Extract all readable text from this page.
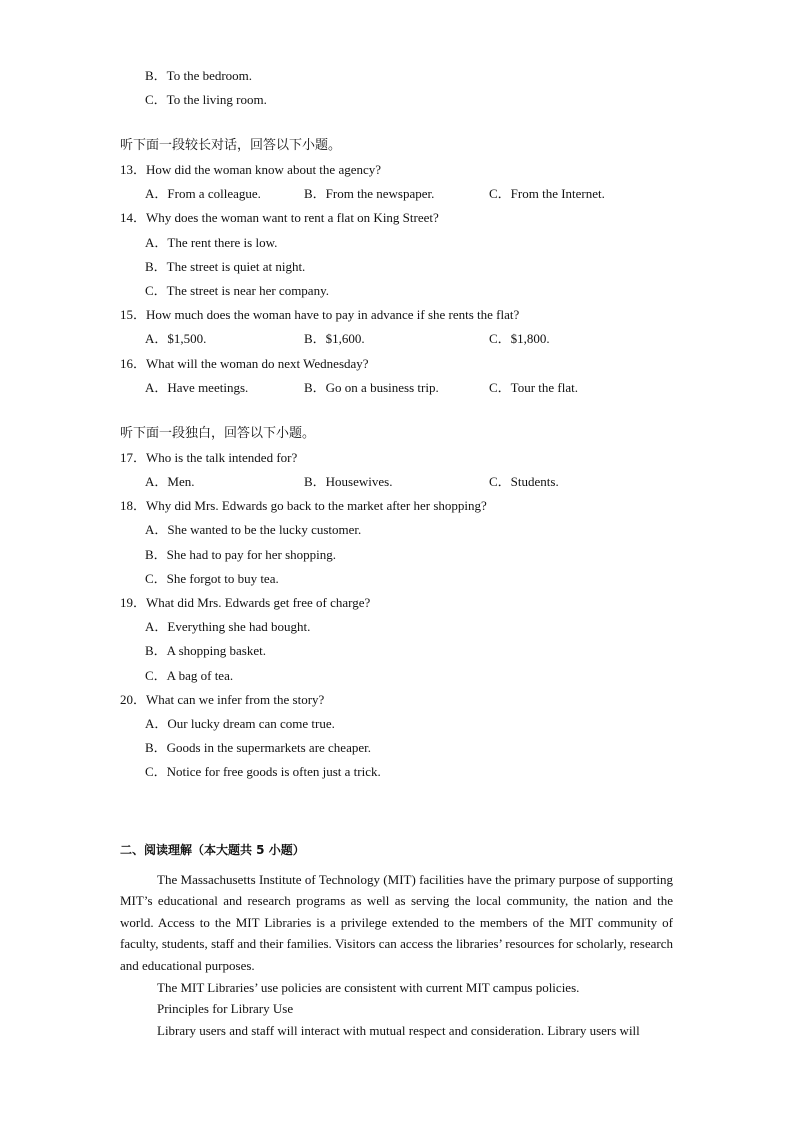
B．To the bedroom.
C．To the living room.
听下面一段较长对话，回答以下小题。
13．How did the woman know about the agency?
A．From a colleague.	B．From the newspaper.	C．From the Internet.
14．Why does the woman want to rent a flat on King Street?
A．The rent there is low.
B．The street is quiet at night.
C．The street is near her company.
15．How much does the woman have to pay in advance if she rents the flat?
A．$1,500.	B．$1,600.	C．$1,800.
16．What will the woman do next Wednesday?
A．Have meetings.	B．Go on a business trip.	C．Tour the flat.
听下面一段独白，回答以下小题。
17．Who is the talk intended for?
A．Men.	B．Housewives.	C．Students.
18．Why did Mrs. Edwards go back to the market after her shopping?
A．She wanted to be the lucky customer.
B．She had to pay for her shopping.
C．She forgot to buy tea.
19．What did Mrs. Edwards get free of charge?
A．Everything she had bought.
B．A shopping basket.
C．A bag of tea.
20．What can we infer from the story?
A．Our lucky dream can come true.
B．Goods in the supermarkets are cheaper.
C．Notice for free goods is often just a trick.
二、阅读理解（本大题共 5 小题）
The Massachusetts Institute of Technology (MIT) facilities have the primary purpose of supporting MIT’s educational and research programs as well as serving the local community, the nation and the world. Access to the MIT Libraries is a privilege extended to the members of the MIT community of faculty, students, staff and their families. Visitors can access the libraries’ resources for scholarly, research and educational purposes.
The MIT Libraries’ use policies are consistent with current MIT campus policies.
Principles for Library Use
Library users and staff will interact with mutual respect and consideration. Library users will
